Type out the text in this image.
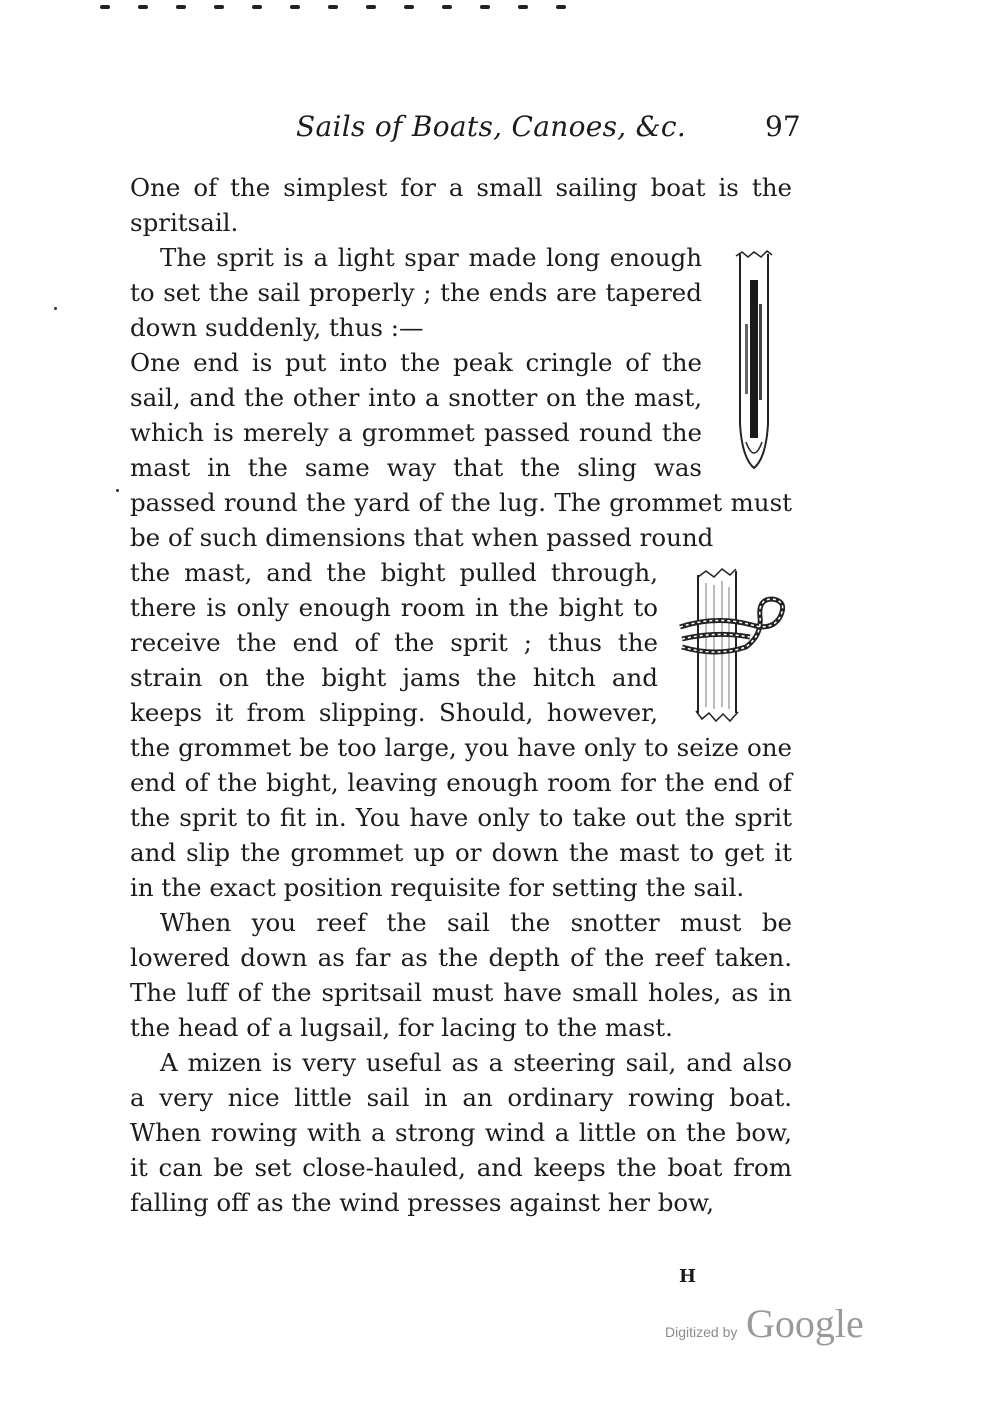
Sails of Boats, Canoes, &c.	97

One of the simplest for a small sailing boat is the spritsail.

The sprit is a light spar made long enough to set the sail properly ; the ends are tapered down suddenly, thus :—

One end is put into the peak cringle of the sail, and the other into a snotter on the mast, which is merely a grommet passed round the mast in the same way that the sling was passed round the yard of the lug. The grommet must be of such dimensions that when passed round

the mast, and the bight pulled through, there is only enough room in the bight to receive the end of the sprit ; thus the strain on the bight jams the hitch and keeps it from slipping. Should, however, the grommet be too large, you have only to seize one end of the bight, leaving enough room for the end of the sprit to fit in. You have only to take out the sprit and slip the grommet up or down the mast to get it in the exact position requisite for setting the sail.

When you reef the sail the snotter must be lowered down as far as the depth of the reef taken. The luff of the spritsail must have small holes, as in the head of a lugsail, for lacing to the mast.

A mizen is very useful as a steering sail, and also a very nice little sail in an ordinary rowing boat. When rowing with a strong wind a little on the bow, it can be set close-hauled, and keeps the boat from falling off as the wind presses against her bow,

H
Digitized by Google
